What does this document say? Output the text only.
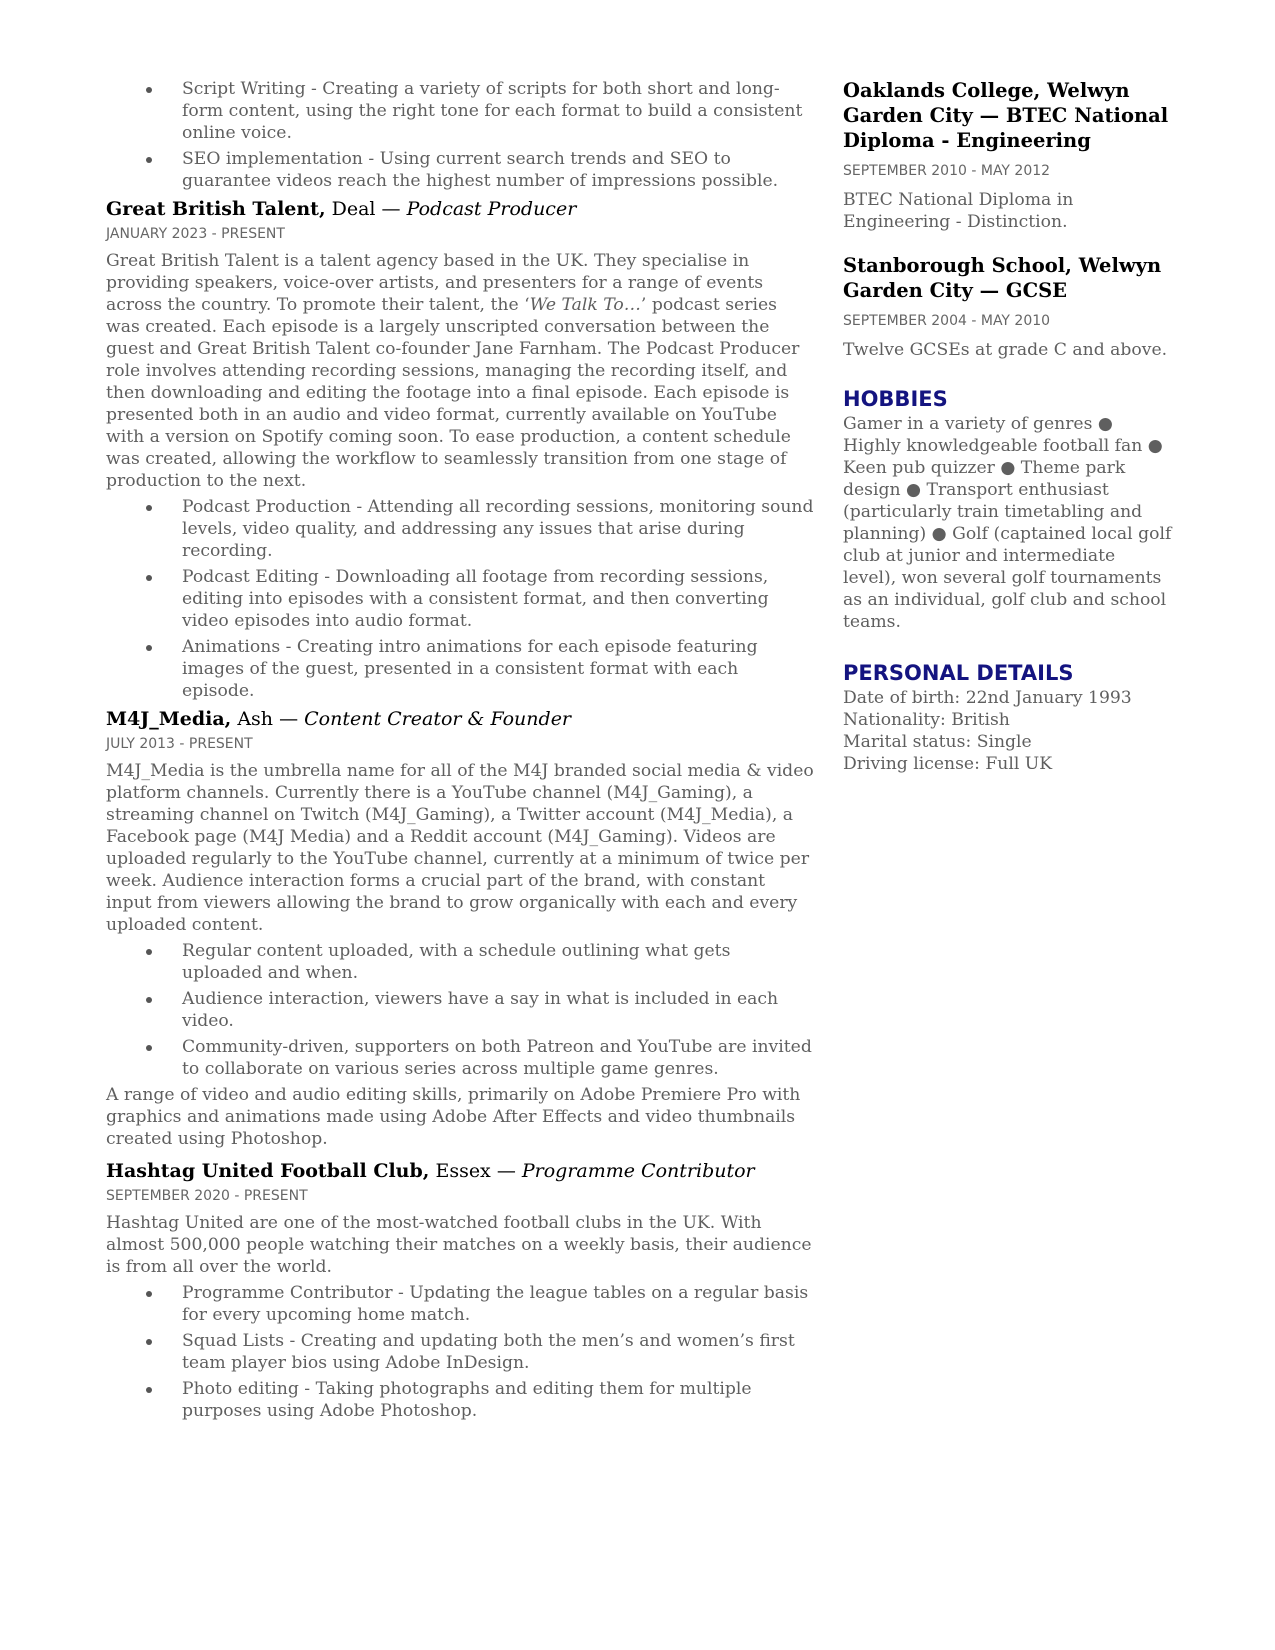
Script Writing - Creating a variety of scripts for both short and long-form content, using the right tone for each format to build a consistent online voice.
SEO implementation - Using current search trends and SEO to guarantee videos reach the highest number of impressions possible.
Great British Talent, Deal — Podcast Producer
JANUARY 2023 - PRESENT

Great British Talent is a talent agency based in the UK. They specialise in providing speakers, voice-over artists, and presenters for a range of events across the country. To promote their talent, the ‘We Talk To…’ podcast series was created. Each episode is a largely unscripted conversation between the guest and Great British Talent co-founder Jane Farnham. The Podcast Producer role involves attending recording sessions, managing the recording itself, and then downloading and editing the footage into a final episode. Each episode is presented both in an audio and video format, currently available on YouTube with a version on Spotify coming soon. To ease production, a content schedule was created, allowing the workflow to seamlessly transition from one stage of production to the next.

Podcast Production - Attending all recording sessions, monitoring sound levels, video quality, and addressing any issues that arise during recording.
Podcast Editing - Downloading all footage from recording sessions, editing into episodes with a consistent format, and then converting video episodes into audio format.
Animations - Creating intro animations for each episode featuring images of the guest, presented in a consistent format with each episode.
M4J_Media, Ash — Content Creator & Founder
JULY 2013 - PRESENT

M4J_Media is the umbrella name for all of the M4J branded social media & video platform channels. Currently there is a YouTube channel (M4J_Gaming), a streaming channel on Twitch (M4J_Gaming), a Twitter account (M4J_Media), a Facebook page (M4J Media) and a Reddit account (M4J_Gaming). Videos are uploaded regularly to the YouTube channel, currently at a minimum of twice per week. Audience interaction forms a crucial part of the brand, with constant input from viewers allowing the brand to grow organically with each and every uploaded content.

Regular content uploaded, with a schedule outlining what gets uploaded and when.
Audience interaction, viewers have a say in what is included in each video.
Community-driven, supporters on both Patreon and YouTube are invited to collaborate on various series across multiple game genres.

A range of video and audio editing skills, primarily on Adobe Premiere Pro with graphics and animations made using Adobe After Effects and video thumbnails created using Photoshop.

Hashtag United Football Club, Essex — Programme Contributor
SEPTEMBER 2020 - PRESENT

Hashtag United are one of the most-watched football clubs in the UK. With almost 500,000 people watching their matches on a weekly basis, their audience is from all over the world.

Programme Contributor - Updating the league tables on a regular basis for every upcoming home match.
Squad Lists - Creating and updating both the men’s and women’s first team player bios using Adobe InDesign.
Photo editing - Taking photographs and editing them for multiple purposes using Adobe Photoshop.
Oaklands College, Welwyn Garden City — BTEC National Diploma - Engineering
SEPTEMBER 2010 - MAY 2012

BTEC National Diploma in Engineering - Distinction.

Stanborough School, Welwyn Garden City — GCSE
SEPTEMBER 2004 - MAY 2010

Twelve GCSEs at grade C and above.

HOBBIES

Gamer in a variety of genres ● Highly knowledgeable football fan ● Keen pub quizzer ● Theme park design ● Transport enthusiast (particularly train timetabling and planning) ● Golf (captained local golf club at junior and intermediate level), won several golf tournaments as an individual, golf club and school teams.

PERSONAL DETAILS

Date of birth: 22nd January 1993

Nationality: British

Marital status: Single

Driving license: Full UK
